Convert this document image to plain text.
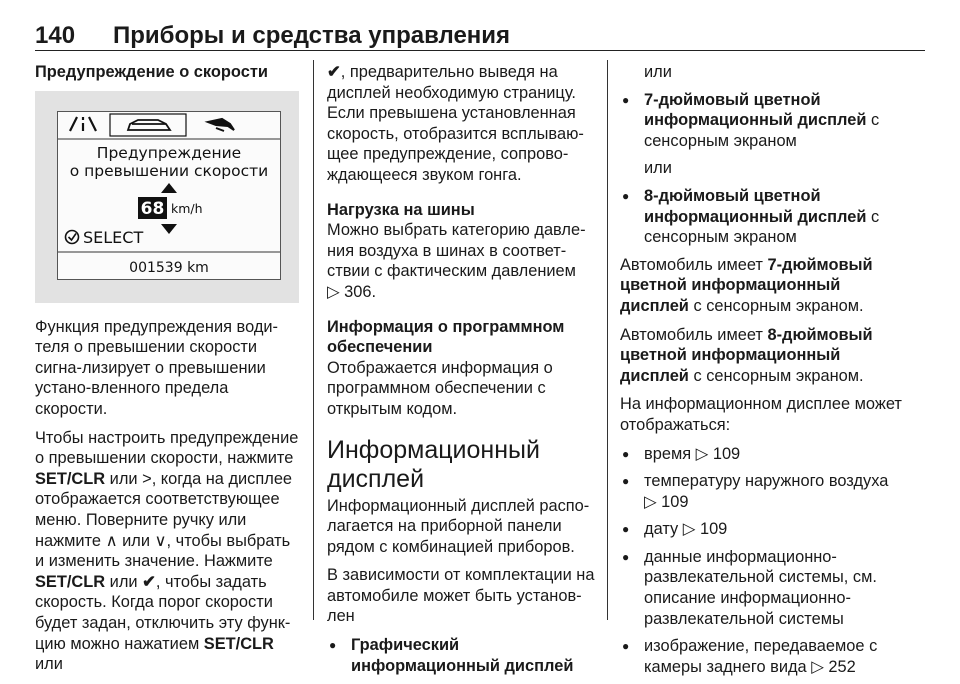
140 Приборы и средства управления

Предупреждение о скорости

Предупреждение
о превышении скорости
68 km/h
SELECT
001539 km

Функция предупреждения води-теля о превышении скорости сигна-лизирует о превышении устано-вленного предела скорости.

Чтобы настроить предупреждение о превышении скорости, нажмите SET/CLR или >, когда на дисплее отображается соответствующее меню. Поверните ручку или нажмите ∧ или ∨, чтобы выбрать и изменить значение. Нажмите SET/CLR или ✔, чтобы задать скорость. Когда порог скорости будет задан, отключить эту функ-цию можно нажатием SET/CLR или

✔, предварительно выведя на дисплей необходимую страницу. Если превышена установленная скорость, отобразится всплываю-щее предупреждение, сопрово-ждающееся звуком гонга.

Нагрузка на шины

Можно выбрать категорию давле-ния воздуха в шинах в соответ-ствии с фактическим давлением
▷ 306.

Информация о программном обеспечении

Отображается информация о программном обеспечении с открытым кодом.

Информационный дисплей

Информационный дисплей распо-лагается на приборной панели рядом с комбинацией приборов.

В зависимости от комплектации на автомобиле может быть установ-лен

● Графический информационный дисплей

или

● 7-дюймовый цветной информационный дисплей с сенсорным экраном

или

● 8-дюймовый цветной информационный дисплей с сенсорным экраном

Автомобиль имеет 7-дюймовый цветной информационный дисплей с сенсорным экраном.

Автомобиль имеет 8-дюймовый цветной информационный дисплей с сенсорным экраном.

На информационном дисплее может отображаться:

● время ▷ 109

● температуру наружного воздуха ▷ 109

● дату ▷ 109

● данные информационно-развлекательной системы, см. описание информационно-развлекательной системы

● изображение, передаваемое с камеры заднего вида ▷ 252
